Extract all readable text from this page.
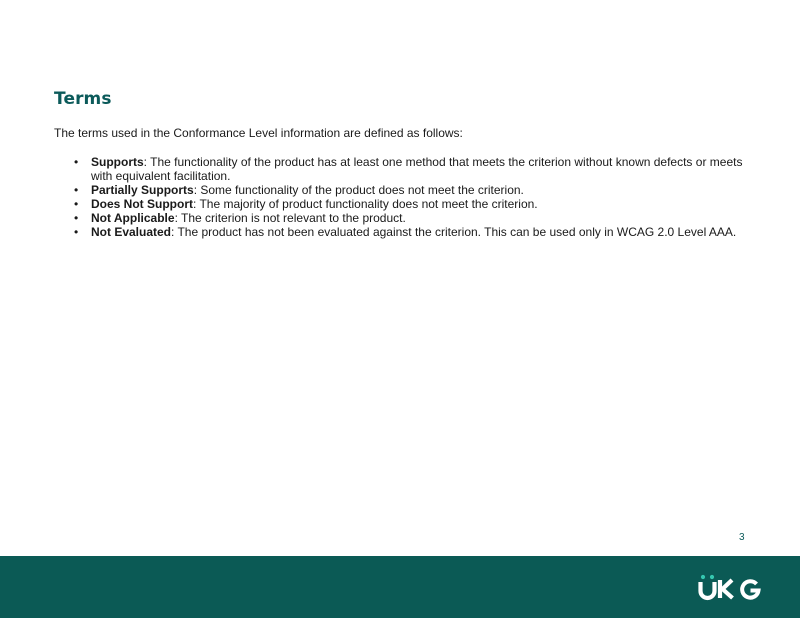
Terms

The terms used in the Conformance Level information are defined as follows:

• Supports: The functionality of the product has at least one method that meets the criterion without known defects or meets with equivalent facilitation.
• Partially Supports: Some functionality of the product does not meet the criterion.
• Does Not Support: The majority of product functionality does not meet the criterion.
• Not Applicable: The criterion is not relevant to the product.
• Not Evaluated: The product has not been evaluated against the criterion. This can be used only in WCAG 2.0 Level AAA.
3
